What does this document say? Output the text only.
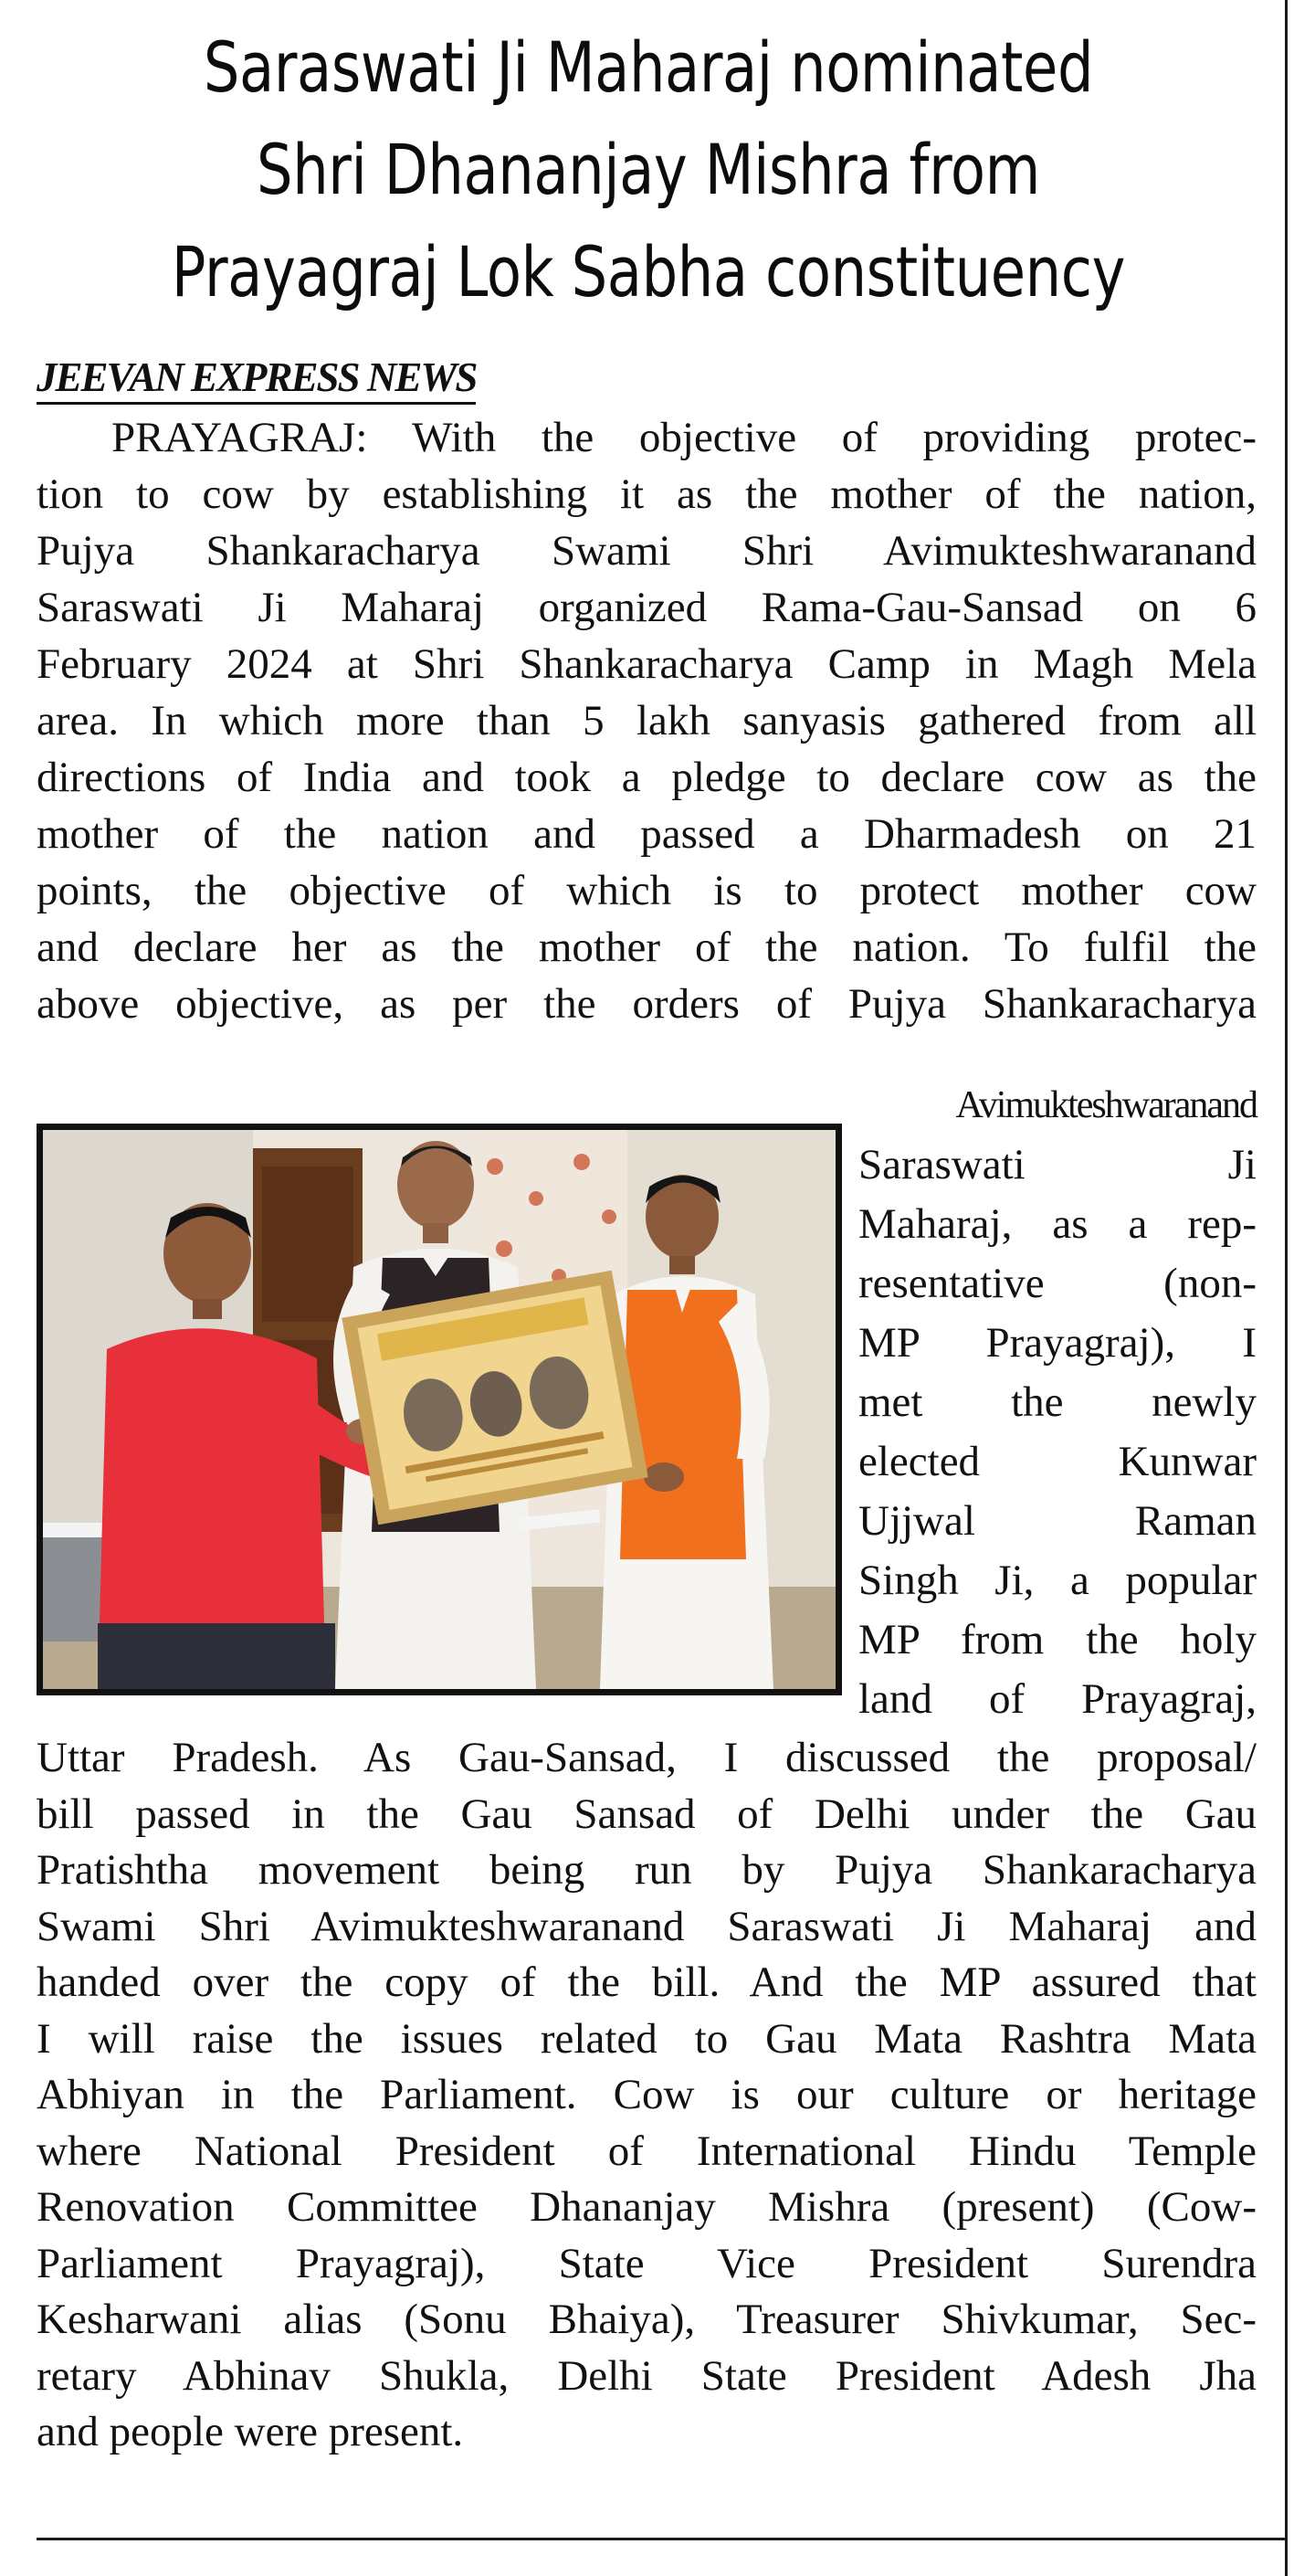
Saraswati Ji Maharaj nominated
Shri Dhananjay Mishra from
Prayagraj Lok Sabha constituency
JEEVAN EXPRESS NEWS

PRAYAGRAJ: With the objective of providing protec-

tion to cow by establishing it as the mother of the nation,

Pujya Shankaracharya Swami Shri Avimukteshwaranand

Saraswati Ji Maharaj organized Rama-Gau-Sansad on 6

February 2024 at Shri Shankaracharya Camp in Magh Mela

area. In which more than 5 lakh sanyasis gathered from all

directions of India and took a pledge to declare cow as the

mother of the nation and passed a Dharmadesh on 21

points, the objective of which is to protect mother cow

and declare her as the mother of the nation. To fulfil the

above objective, as per the orders of Pujya Shankaracharya

Avimukteshwaranand

Saraswati Ji

Maharaj, as a rep-

resentative (non-

MP Prayagraj), I

met the newly

elected Kunwar

Ujjwal Raman

Singh Ji, a popular

MP from the holy

land of Prayagraj,

Uttar Pradesh. As Gau-Sansad, I discussed the proposal/

bill passed in the Gau Sansad of Delhi under the Gau

Pratishtha movement being run by Pujya Shankaracharya

Swami Shri Avimukteshwaranand Saraswati Ji Maharaj and

handed over the copy of the bill. And the MP assured that

I will raise the issues related to Gau Mata Rashtra Mata

Abhiyan in the Parliament. Cow is our culture or heritage

where National President of International Hindu Temple

Renovation Committee Dhananjay Mishra (present) (Cow-

Parliament Prayagraj), State Vice President Surendra

Kesharwani alias (Sonu Bhaiya), Treasurer Shivkumar, Sec-

retary Abhinav Shukla, Delhi State President Adesh Jha

and people were present.
